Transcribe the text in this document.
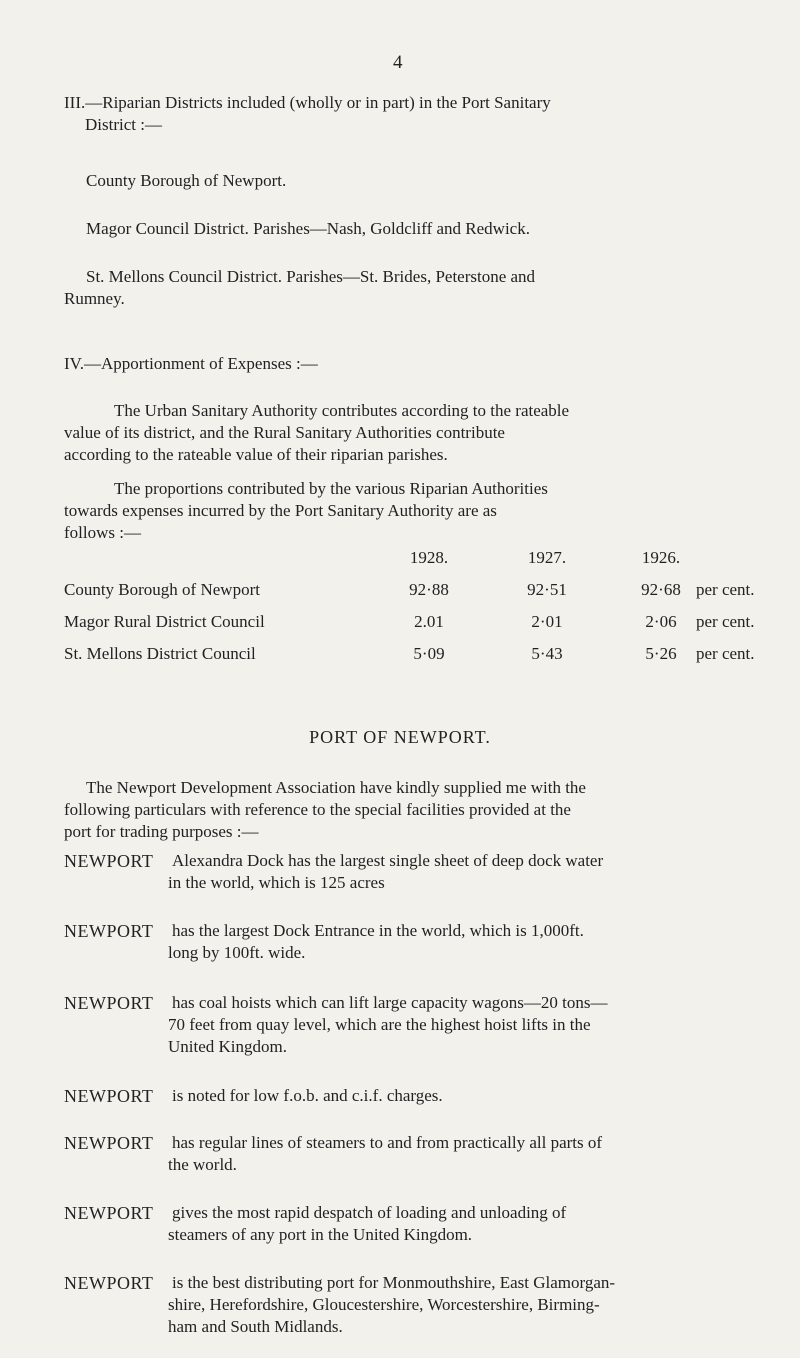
4
III.—Riparian Districts included (wholly or in part) in the Port Sanitary
District :—
County Borough of Newport.
Magor Council District. Parishes—Nash, Goldcliff and Redwick.
St. Mellons Council District. Parishes—St. Brides, Peterstone and
Rumney.
IV.—Apportionment of Expenses :—
The Urban Sanitary Authority contributes according to the rateable
value of its district, and the Rural Sanitary Authorities contribute
according to the rateable value of their riparian parishes.
The proportions contributed by the various Riparian Authorities
towards expenses incurred by the Port Sanitary Authority are as
follows :—
1928.	1927.	1926.
County Borough of Newport	92·88	92·51	92·68 per cent.
Magor Rural District Council	2.01	2·01	2·06	per cent.
St. Mellons District Council	5·09	5·43	5·26	per cent.
PORT OF NEWPORT.
The Newport Development Association have kindly supplied me with the
following particulars with reference to the special facilities provided at the
port for trading purposes :—
NEWPORT	Alexandra Dock has the largest single sheet of deep dock water
in the world, which is 125 acres
NEWPORT	has the largest Dock Entrance in the world, which is 1,000ft.
long by 100ft. wide.
NEWPORT	has coal hoists which can lift large capacity wagons—20 tons—
70 feet from quay level, which are the highest hoist lifts in the
United Kingdom.
NEWPORT	is noted for low f.o.b. and c.i.f. charges.
NEWPORT	has regular lines of steamers to and from practically all parts of
the world.
NEWPORT	gives the most rapid despatch of loading and unloading of
steamers of any port in the United Kingdom.
NEWPORT	is the best distributing port for Monmouthshire, East Glamorgan-
shire, Herefordshire, Gloucestershire, Worcestershire, Birming-
ham and South Midlands.
